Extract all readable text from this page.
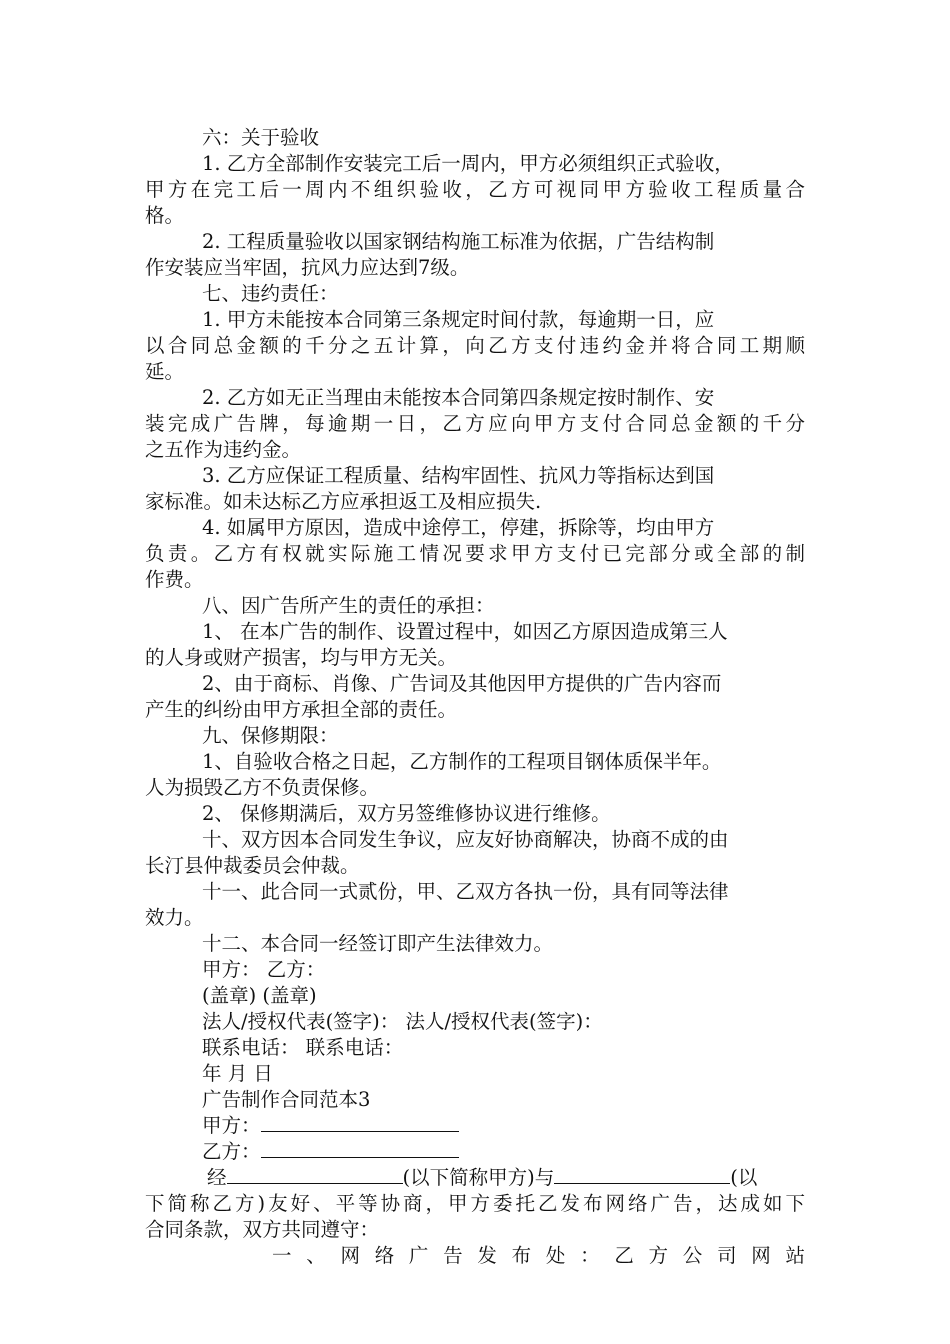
六：关于验收
1. 乙方全部制作安装完工后一周内，甲方必须组织正式验收，
甲方在完工后一周内不组织验收，乙方可视同甲方验收工程质量合
格。
2. 工程质量验收以国家钢结构施工标准为依据，广告结构制
作安装应当牢固，抗风力应达到7级。
七、违约责任：
1. 甲方未能按本合同第三条规定时间付款，每逾期一日，应
以合同总金额的千分之五计算，向乙方支付违约金并将合同工期顺
延。
2. 乙方如无正当理由未能按本合同第四条规定按时制作、安
装完成广告牌，每逾期一日，乙方应向甲方支付合同总金额的千分
之五作为违约金。
3. 乙方应保证工程质量、结构牢固性、抗风力等指标达到国
家标准。如未达标乙方应承担返工及相应损失.
4. 如属甲方原因，造成中途停工，停建，拆除等，均由甲方
负责。乙方有权就实际施工情况要求甲方支付已完部分或全部的制
作费。
八、因广告所产生的责任的承担：
1、 在本广告的制作、设置过程中，如因乙方原因造成第三人
的人身或财产损害，均与甲方无关。
2、由于商标、肖像、广告词及其他因甲方提供的广告内容而
产生的纠纷由甲方承担全部的责任。
九、保修期限：
1、自验收合格之日起，乙方制作的工程项目钢体质保半年。
人为损毁乙方不负责保修。
2、 保修期满后，双方另签维修协议进行维修。
十、双方因本合同发生争议，应友好协商解决，协商不成的由
长汀县仲裁委员会仲裁。
十一、此合同一式贰份，甲、乙双方各执一份，具有同等法律
效力。
十二、本合同一经签订即产生法律效力。
甲方： 乙方：
(盖章) (盖章)
法人/授权代表(签字)： 法人/授权代表(签字)：
联系电话： 联系电话：
年 月 日
广告制作合同范本3
甲方：
乙方：
经	(以下简称甲方)与	(以
下简称乙方)友好、平等协商，甲方委托乙发布网络广告，达成如下
合同条款，双方共同遵守：
一、网络广告发布处：乙方公司网站
